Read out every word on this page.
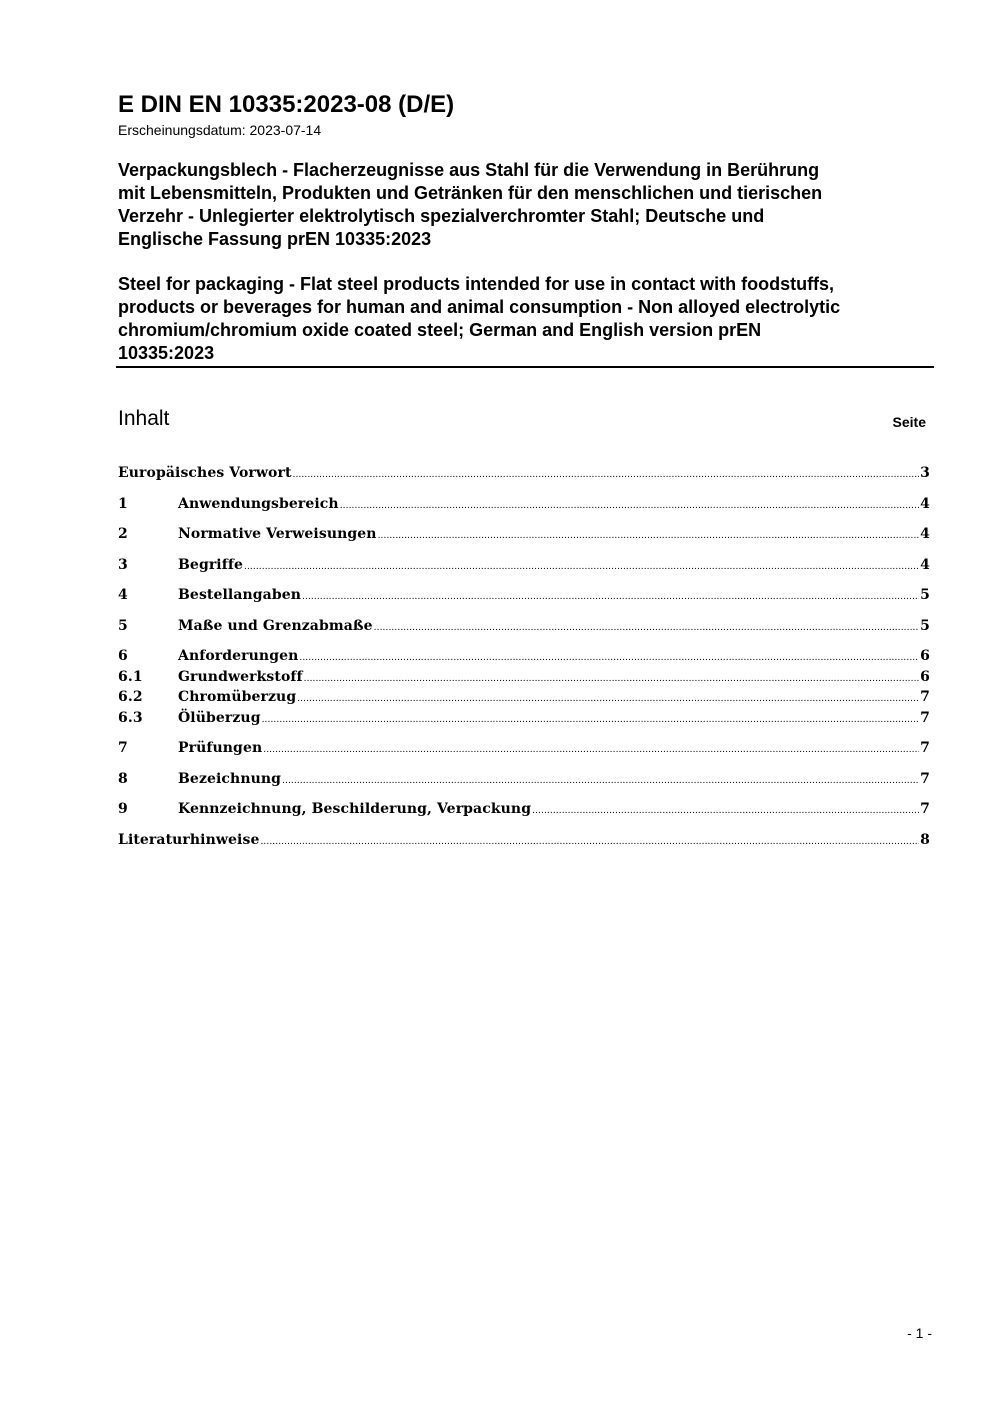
E DIN EN 10335:2023-08 (D/E)
Erscheinungsdatum: 2023-07-14
Verpackungsblech - Flacherzeugnisse aus Stahl für die Verwendung in Berührung
mit Lebensmitteln, Produkten und Getränken für den menschlichen und tierischen
Verzehr - Unlegierter elektrolytisch spezialverchromter Stahl; Deutsche und
Englische Fassung prEN 10335:2023
Steel for packaging - Flat steel products intended for use in contact with foodstuffs,
products or beverages for human and animal consumption - Non alloyed electrolytic
chromium/chromium oxide coated steel; German and English version prEN
10335:2023
Inhalt	Seite
Europäisches Vorwort .....	3
1	Anwendungsbereich .....	4
2	Normative Verweisungen .....	4
3	Begriffe .....	4
4	Bestellangaben .....	5
5	Maße und Grenzabmaße .....	5
6	Anforderungen .....	6
6.1	Grundwerkstoff .....	6
6.2	Chromüberzug .....	7
6.3	Ölüberzug .....	7
7	Prüfungen .....	7
8	Bezeichnung .....	7
9	Kennzeichnung, Beschilderung, Verpackung .....	7
Literaturhinweise .....	8
- 1 -
